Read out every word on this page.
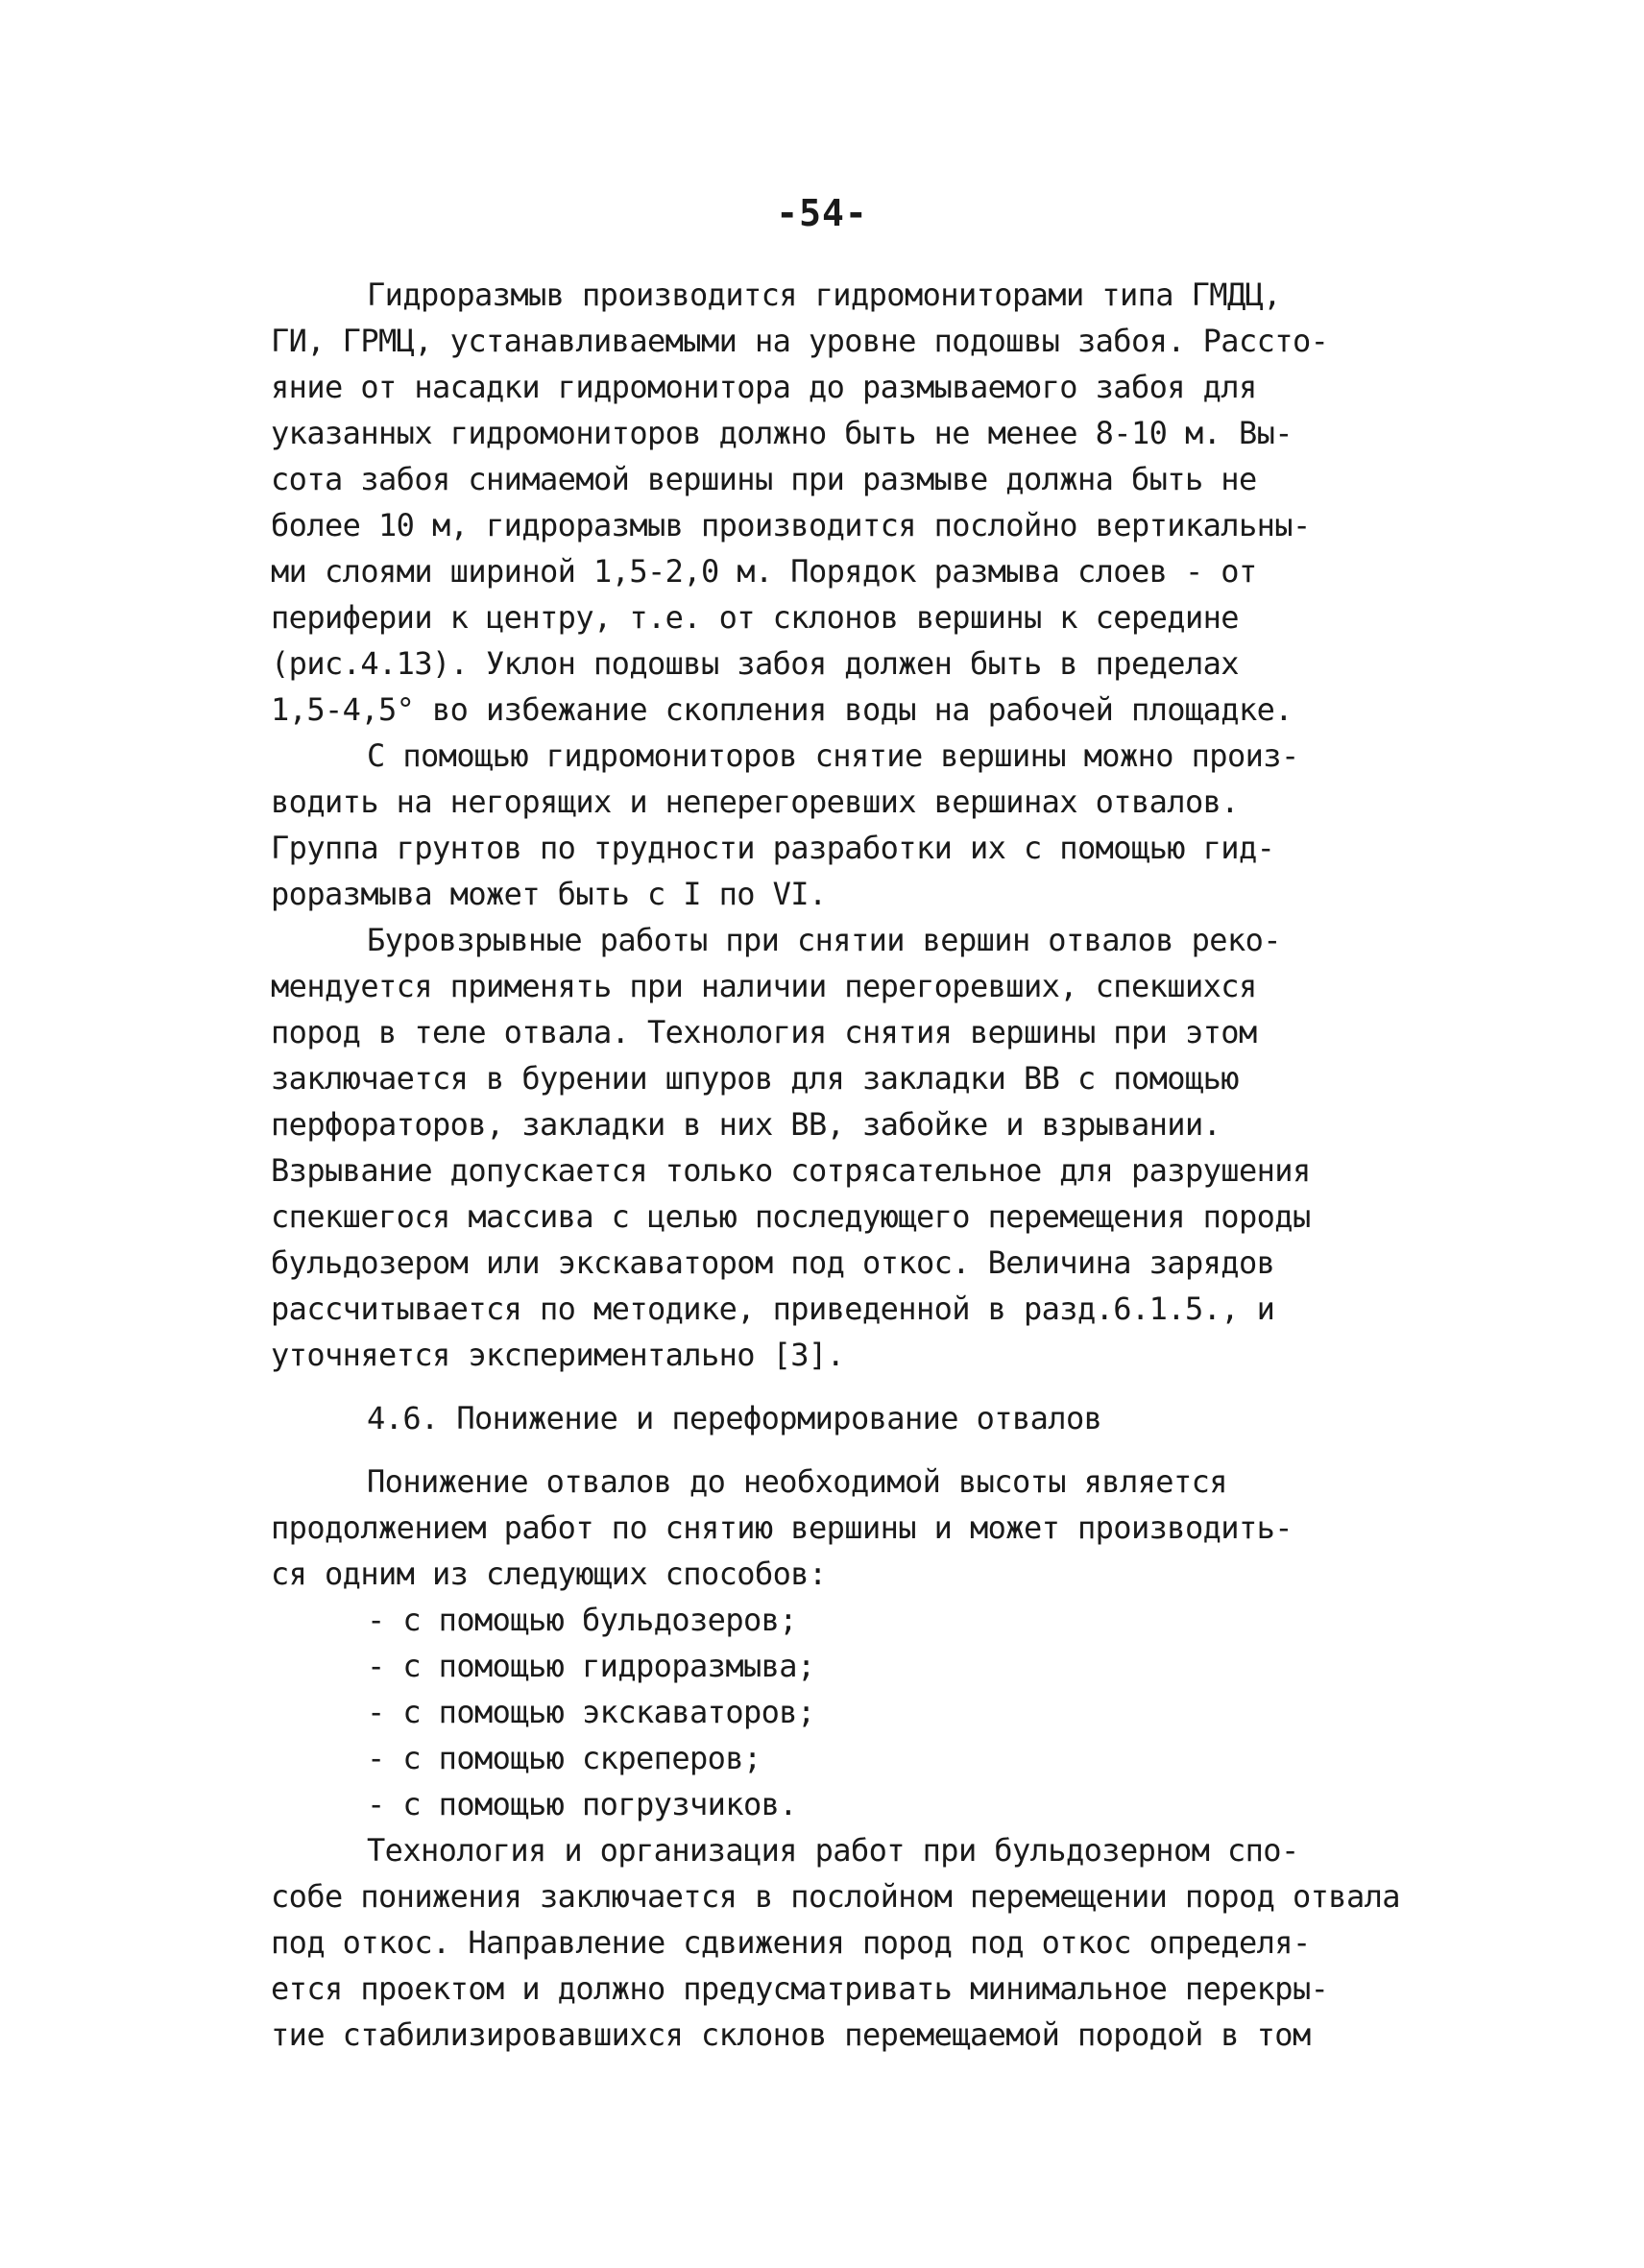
-54-
Гидроразмыв производится гидромониторами типа ГМДЦ,
ГИ, ГРМЦ, устанавливаемыми на уровне подошвы забоя. Рассто-
яние от насадки гидромонитора до размываемого забоя для
указанных гидромониторов должно быть не менее 8-10 м. Вы-
сота забоя снимаемой вершины при размыве должна быть не
более 10 м, гидроразмыв производится послойно вертикальны-
ми слоями шириной 1,5-2,0 м. Порядок размыва слоев - от
периферии к центру, т.е. от склонов вершины к середине
(рис.4.13). Уклон подошвы забоя должен быть в пределах
1,5-4,5° во избежание скопления воды на рабочей площадке.
С помощью гидромониторов снятие вершины можно произ-
водить на негорящих и неперегоревших вершинах отвалов.
Группа грунтов по трудности разработки их с помощью гид-
роразмыва может быть с I по VI.
Буровзрывные работы при снятии вершин отвалов реко-
мендуется применять при наличии перегоревших, спекшихся
пород в теле отвала. Технология снятия вершины при этом
заключается в бурении шпуров для закладки ВВ с помощью
перфораторов, закладки в них ВВ, забойке и взрывании.
Взрывание допускается только сотрясательное для разрушения
спекшегося массива с целью последующего перемещения породы
бульдозером или экскаватором под откос. Величина зарядов
рассчитывается по методике, приведенной в разд.6.1.5., и
уточняется экспериментально [3].
4.6. Понижение и переформирование отвалов
Понижение отвалов до необходимой высоты является
продолжением работ по снятию вершины и может производить-
ся одним из следующих способов:
- с помощью бульдозеров;
- с помощью гидроразмыва;
- с помощью экскаваторов;
- с помощью скреперов;
- с помощью погрузчиков.
Технология и организация работ при бульдозерном спо-
собе понижения заключается в послойном перемещении пород отвала
под откос. Направление сдвижения пород под откос определя-
ется проектом и должно предусматривать минимальное перекры-
тие стабилизировавшихся склонов перемещаемой породой в том
